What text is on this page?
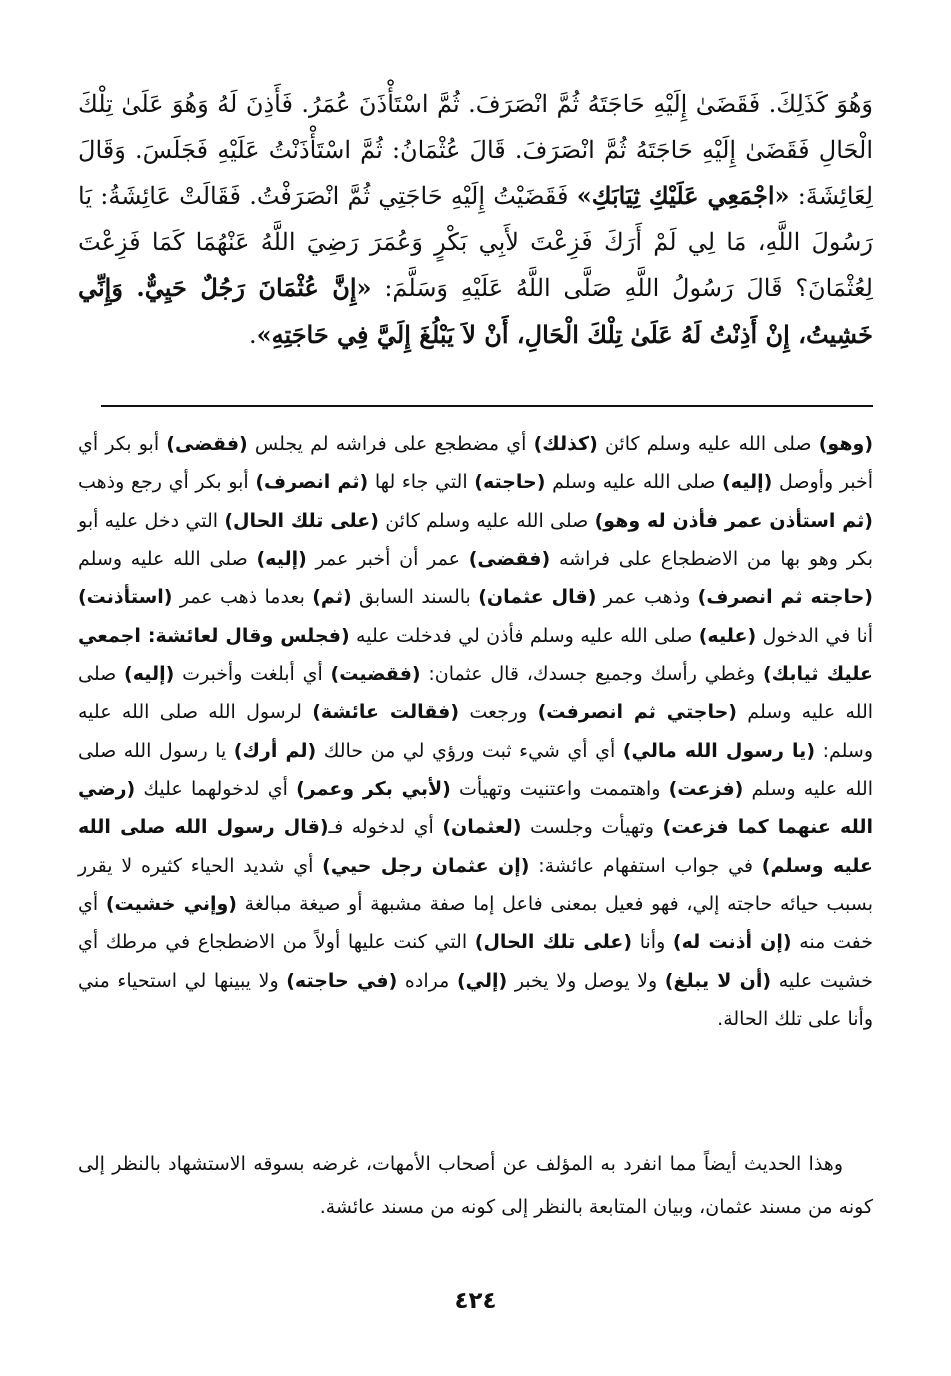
وَهُوَ كَذَلِكَ. فَقَضَىٰ إِلَيْهِ حَاجَتَهُ ثُمَّ انْصَرَفَ. ثُمَّ اسْتَأْذَنَ عُمَرُ. فَأَذِنَ لَهُ وَهُوَ عَلَىٰ تِلْكَ الْحَالِ فَقَضَىٰ إِلَيْهِ حَاجَتَهُ ثُمَّ انْصَرَفَ. قَالَ عُثْمَانُ: ثُمَّ اسْتَأْذَنْتُ عَلَيْهِ فَجَلَسَ. وَقَالَ لِعَائِشَةَ: «اجْمَعِي عَلَيْكِ ثِيَابَكِ» فَقَضَيْتُ إِلَيْهِ حَاجَتِي ثُمَّ انْصَرَفْتُ. فَقَالَتْ عَائِشَةُ: يَا رَسُولَ اللَّهِ، مَا لِي لَمْ أَرَكَ فَزِعْتَ لأَبِي بَكْرٍ وَعُمَرَ رَضِيَ اللَّهُ عَنْهُمَا كَمَا فَزِعْتَ لِعُثْمَانَ؟ قَالَ رَسُولُ اللَّهِ صَلَّى اللَّهُ عَلَيْهِ وَسَلَّمَ: «إِنَّ عُثْمَانَ رَجُلٌ حَيِيٌّ. وَإِنِّي خَشِيتُ، إِنْ أَذِنْتُ لَهُ عَلَىٰ تِلْكَ الْحَالِ، أَنْ لاَ يَبْلُغَ إِلَيَّ فِي حَاجَتِهِ».

(وهو) صلى الله عليه وسلم كائن (كذلك) أي مضطجع على فراشه لم يجلس (فقضى) أبو بكر أي أخبر وأوصل (إليه) صلى الله عليه وسلم (حاجته) التي جاء لها (ثم انصرف) أبو بكر أي رجع وذهب (ثم استأذن عمر فأذن له وهو) صلى الله عليه وسلم كائن (على تلك الحال) التي دخل عليه أبو بكر وهو بها من الاضطجاع على فراشه (فقضى) عمر أن أخبر عمر (إليه) صلى الله عليه وسلم (حاجته ثم انصرف) وذهب عمر (قال عثمان) بالسند السابق (ثم) بعدما ذهب عمر (استأذنت) أنا في الدخول (عليه) صلى الله عليه وسلم فأذن لي فدخلت عليه (فجلس وقال لعائشة: اجمعي عليك ثيابك) وغطي رأسك وجميع جسدك، قال عثمان: (فقضيت) أي أبلغت وأخبرت (إليه) صلى الله عليه وسلم (حاجتي ثم انصرفت) ورجعت (فقالت عائشة) لرسول الله صلى الله عليه وسلم: (يا رسول الله مالي) أي أي شيء ثبت ورؤي لي من حالك (لم أرك) يا رسول الله صلى الله عليه وسلم (فزعت) واهتممت واعتنيت وتهيأت (لأبي بكر وعمر) أي لدخولهما عليك (رضي الله عنهما كما فزعت) وتهيأت وجلست (لعثمان) أي لدخوله فـ(قال رسول الله صلى الله عليه وسلم) في جواب استفهام عائشة: (إن عثمان رجل حيي) أي شديد الحياء كثيره لا يقرر بسبب حيائه حاجته إلي، فهو فعيل بمعنى فاعل إما صفة مشبهة أو صيغة مبالغة (وإني خشيت) أي خفت منه (إن أذنت له) وأنا (على تلك الحال) التي كنت عليها أولاً من الاضطجاع في مرطك أي خشيت عليه (أن لا يبلغ) ولا يوصل ولا يخبر (إلي) مراده (في حاجته) ولا يبينها لي استحياء مني وأنا على تلك الحالة.

وهذا الحديث أيضاً مما انفرد به المؤلف عن أصحاب الأمهات، غرضه بسوقه الاستشهاد بالنظر إلى كونه من مسند عثمان، وبيان المتابعة بالنظر إلى كونه من مسند عائشة.

٤٢٤
